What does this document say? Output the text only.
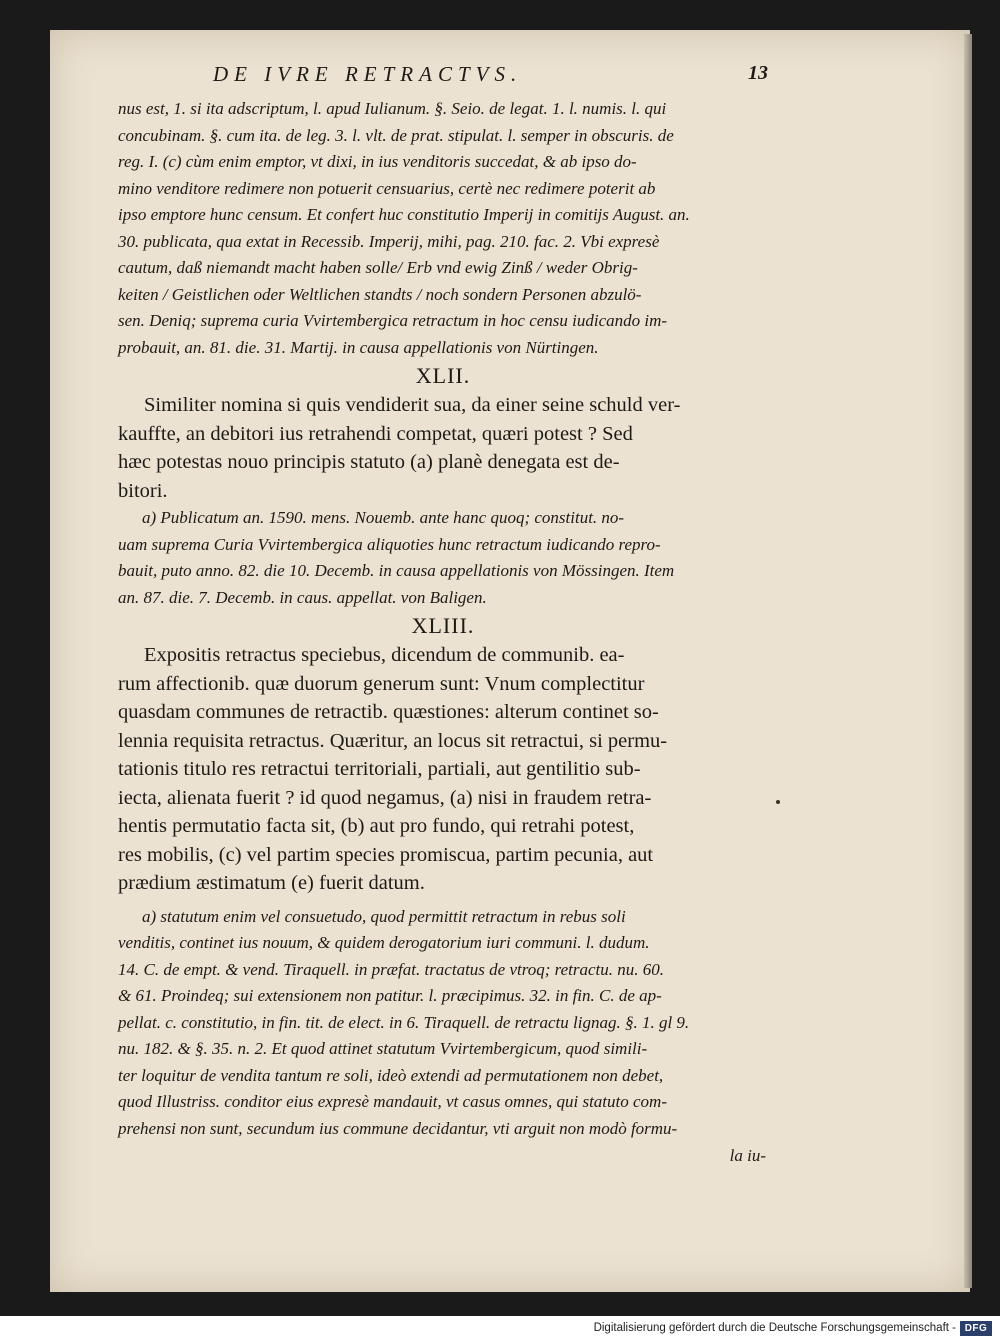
DE IVRE RETRACTVS.	13
nus est, 1. si ita adscriptum, l. apud Iulianum. §. Seio. de legat. 1. l. numis. l. qui
concubinam. §. cum ita. de leg. 3. l. vlt. de prat. stipulat. l. semper in obscuris. de
reg. I. (c) cùm enim emptor, vt dixi, in ius venditoris succedat, & ab ipso do-
mino venditore redimere non potuerit censuarius, certè nec redimere poterit ab
ipso emptore hunc censum. Et confert huc constitutio Imperij in comitijs August. an.
30. publicata, qua extat in Recessib. Imperij, mihi, pag. 210. fac. 2. Vbi expresè
cautum, daß niemandt macht haben solle/ Erb vnd ewig Zinß / weder Obrig-
keiten / Geistlichen oder Weltlichen standts / noch sondern Personen abzulö-
sen. Deniq; suprema curia Vvirtembergica retractum in hoc censu iudicando im-
probauit, an. 81. die. 31. Martij. in causa appellationis von Nürtingen.
XLII.
Similiter nomina si quis vendiderit sua, da einer seine schuld ver-
kauffte, an debitori ius retrahendi competat, quæri potest ? Sed
hæc potestas nouo principis statuto (a) planè denegata est de-
bitori.
a) Publicatum an. 1590. mens. Nouemb. ante hanc quoq; constitut. no-
uam suprema Curia Vvirtembergica aliquoties hunc retractum iudicando repro-
bauit, puto anno. 82. die 10. Decemb. in causa appellationis von Mössingen. Item
an. 87. die. 7. Decemb. in caus. appellat. von Baligen.
XLIII.
Expositis retractus speciebus, dicendum de communib. ea-
rum affectionib. quæ duorum generum sunt: Vnum complectitur
quasdam communes de retractib. quæstiones: alterum continet so-
lennia requisita retractus. Quæritur, an locus sit retractui, si permu-
tationis titulo res retractui territoriali, partiali, aut gentilitio sub-
iecta, alienata fuerit ? id quod negamus, (a) nisi in fraudem retra-
hentis permutatio facta sit, (b) aut pro fundo, qui retrahi potest,
res mobilis, (c) vel partim species promiscua, partim pecunia, aut
prædium æstimatum (e) fuerit datum.
a) statutum enim vel consuetudo, quod permittit retractum in rebus soli
venditis, continet ius nouum, & quidem derogatorium iuri communi. l. dudum.
14. C. de empt. & vend. Tiraquell. in præfat. tractatus de vtroq; retractu. nu. 60.
& 61. Proindeq; sui extensionem non patitur. l. præcipimus. 32. in fin. C. de ap-
pellat. c. constitutio, in fin. tit. de elect. in 6. Tiraquell. de retractu lignag. §. 1. gl 9.
nu. 182. & §. 35. n. 2. Et quod attinet statutum Vvirtembergicum, quod simili-
ter loquitur de vendita tantum re soli, ideò extendi ad permutationem non debet,
quod Illustriss. conditor eius expresè mandauit, vt casus omnes, qui statuto com-
prehensi non sunt, secundum ius commune decidantur, vti arguit non modò formu-
la iu-
Digitalisierung gefördert durch die Deutsche Forschungsgemeinschaft - DFG
